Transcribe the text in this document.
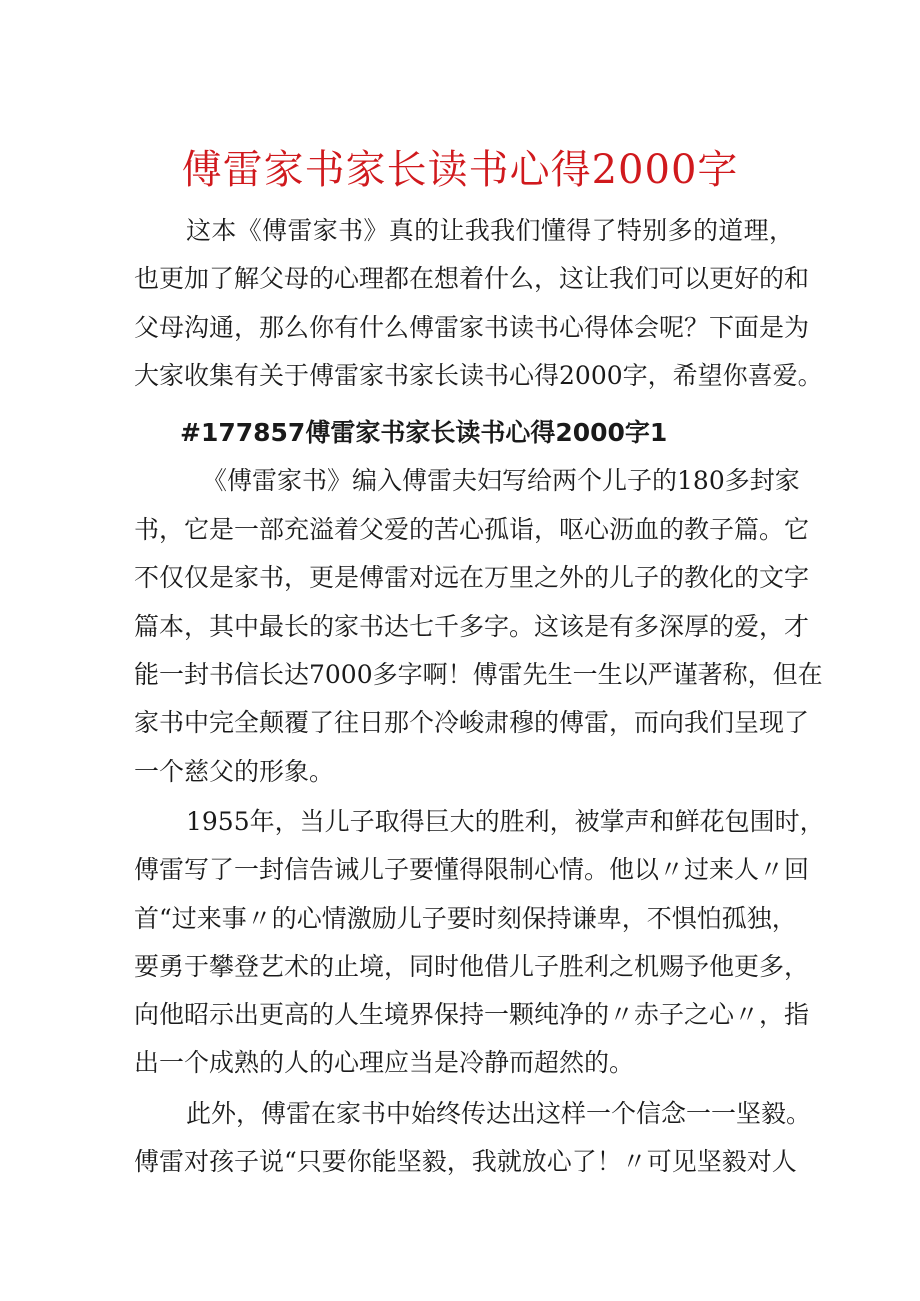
傅雷家书家长读书心得2000字
这本《傅雷家书》真的让我我们懂得了特别多的道理，
也更加了解父母的心理都在想着什么，这让我们可以更好的和
父母沟通，那么你有什么傅雷家书读书心得体会呢？下面是为
大家收集有关于傅雷家书家长读书心得2000字，希望你喜爱。
#177857傅雷家书家长读书心得2000字1
《傅雷家书》编入傅雷夫妇写给两个儿子的180多封家
书，它是一部充溢着父爱的苦心孤诣，呕心沥血的教子篇。它
不仅仅是家书，更是傅雷对远在万里之外的儿子的教化的文字
篇本，其中最长的家书达七千多字。这该是有多深厚的爱，才
能一封书信长达7000多字啊！傅雷先生一生以严谨著称，但在
家书中完全颠覆了往日那个冷峻肃穆的傅雷，而向我们呈现了
一个慈父的形象。
1955年，当儿子取得巨大的胜利，被掌声和鲜花包围时，
傅雷写了一封信告诫儿子要懂得限制心情。他以〃过来人〃回
首“过来事〃的心情激励儿子要时刻保持谦卑，不惧怕孤独，
要勇于攀登艺术的止境，同时他借儿子胜利之机赐予他更多，
向他昭示出更高的人生境界保持一颗纯净的〃赤子之心〃，指
出一个成熟的人的心理应当是冷静而超然的。
此外，傅雷在家书中始终传达出这样一个信念一一坚毅。
傅雷对孩子说“只要你能坚毅，我就放心了！〃可见坚毅对人
